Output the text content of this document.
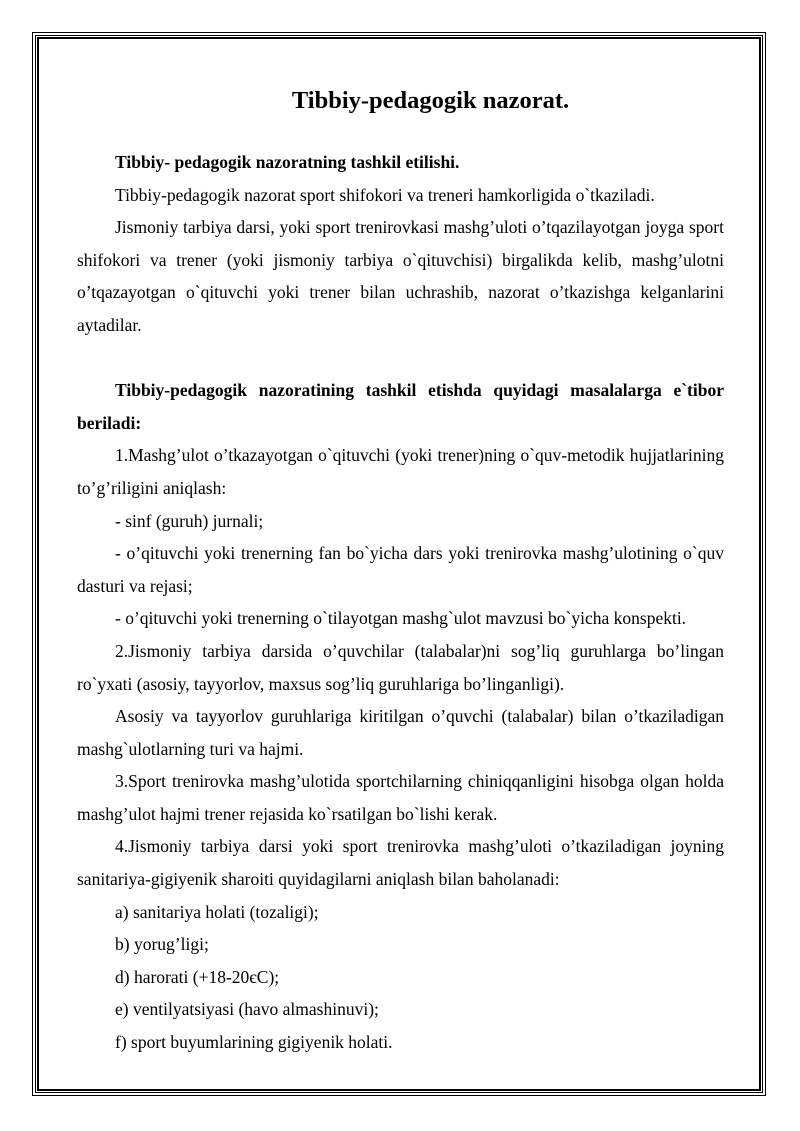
Tibbiy-pedagogik nazorat.

Tibbiy- pedagogik nazoratning tashkil etilishi.

Tibbiy-pedagogik nazorat sport shifokori va treneri hamkorligida o`tkaziladi.

Jismoniy tarbiya darsi, yoki sport trenirovkasi mashg’uloti o’tqazilayotgan joyga sport shifokori va trener (yoki jismoniy tarbiya o`qituvchisi) birgalikda kelib, mashg’ulotni o’tqazayotgan o`qituvchi yoki trener bilan uchrashib, nazorat o’tkazishga kelganlarini aytadilar.

Tibbiy-pedagogik nazoratining tashkil etishda quyidagi masalalarga e`tibor beriladi:

1.Mashg’ulot o’tkazayotgan o`qituvchi (yoki trener)ning o`quv-metodik hujjatlarining to’g’riligini aniqlash:

- sinf (guruh) jurnali;

- o’qituvchi yoki trenerning fan bo`yicha dars yoki trenirovka mashg’ulotining o`quv dasturi va rejasi;

- o’qituvchi yoki trenerning o`tilayotgan mashg`ulot mavzusi bo`yicha konspekti.

2.Jismoniy tarbiya darsida o’quvchilar (talabalar)ni sog’liq guruhlarga bo’lingan ro`yxati (asosiy, tayyorlov, maxsus sog’liq guruhlariga bo’linganligi).

Asosiy va tayyorlov guruhlariga kiritilgan o’quvchi (talabalar) bilan o’tkaziladigan mashg`ulotlarning turi va hajmi.

3.Sport trenirovka mashg’ulotida sportchilarning chiniqqanligini hisobga olgan holda mashg’ulot hajmi trener rejasida ko`rsatilgan bo`lishi kerak.

4.Jismoniy tarbiya darsi yoki sport trenirovka mashg’uloti o’tkaziladigan joyning sanitariya-gigiyenik sharoiti quyidagilarni aniqlash bilan baholanadi:

a) sanitariya holati (tozaligi);

b) yorug’ligi;

d) harorati (+18-20єC);

e) ventilyatsiyasi (havo almashinuvi);

f) sport buyumlarining gigiyenik holati.
